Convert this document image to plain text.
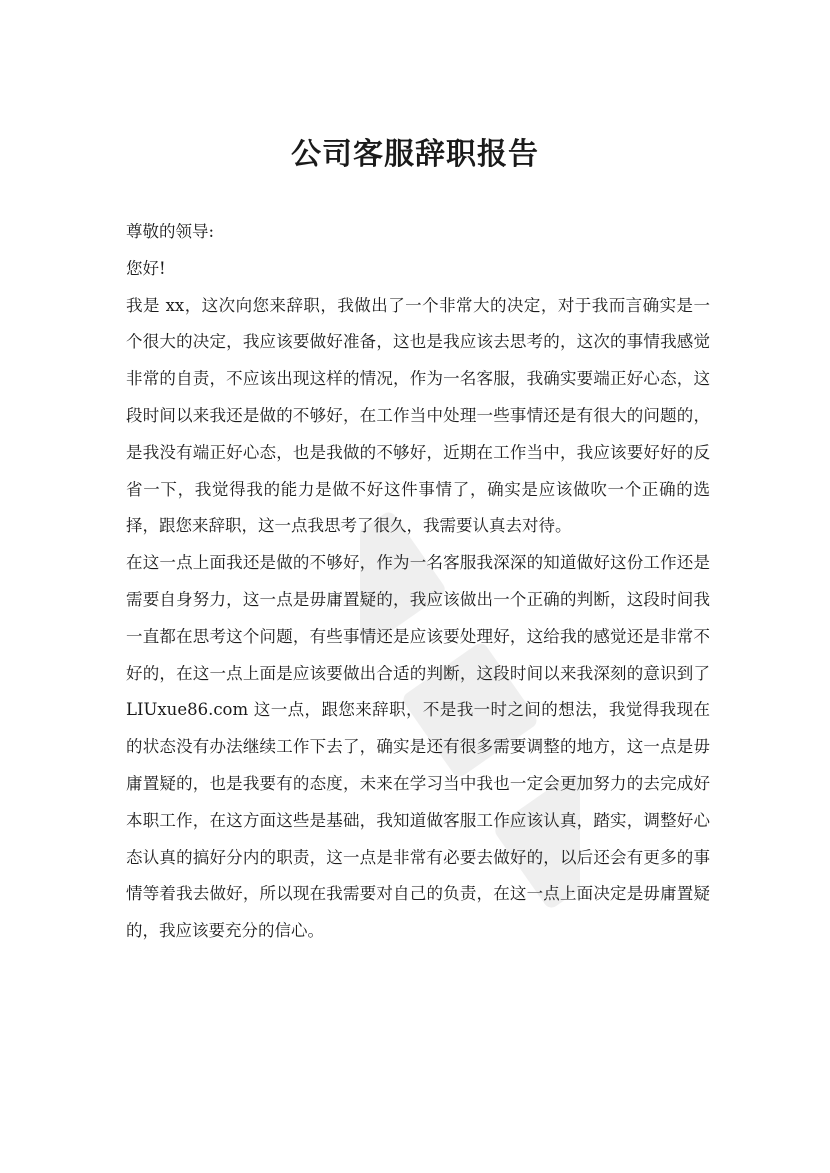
公司客服辞职报告

尊敬的领导:

您好!

我是 xx，这次向您来辞职，我做出了一个非常大的决定，对于我而言确实是一个很大的决定，我应该要做好准备，这也是我应该去思考的，这次的事情我感觉非常的自责，不应该出现这样的情况，作为一名客服，我确实要端正好心态，这段时间以来我还是做的不够好，在工作当中处理一些事情还是有很大的问题的，是我没有端正好心态，也是我做的不够好，近期在工作当中，我应该要好好的反省一下，我觉得我的能力是做不好这件事情了，确实是应该做吹一个正确的选择，跟您来辞职，这一点我思考了很久，我需要认真去对待。

在这一点上面我还是做的不够好，作为一名客服我深深的知道做好这份工作还是需要自身努力，这一点是毋庸置疑的，我应该做出一个正确的判断，这段时间我一直都在思考这个问题，有些事情还是应该要处理好，这给我的感觉还是非常不好的，在这一点上面是应该要做出合适的判断，这段时间以来我深刻的意识到了 LIUxue86.com 这一点，跟您来辞职，不是我一时之间的想法，我觉得我现在的状态没有办法继续工作下去了，确实是还有很多需要调整的地方，这一点是毋庸置疑的，也是我要有的态度，未来在学习当中我也一定会更加努力的去完成好本职工作，在这方面这些是基础，我知道做客服工作应该认真，踏实，调整好心态认真的搞好分内的职责，这一点是非常有必要去做好的，以后还会有更多的事情等着我去做好，所以现在我需要对自己的负责，在这一点上面决定是毋庸置疑的，我应该要充分的信心。
